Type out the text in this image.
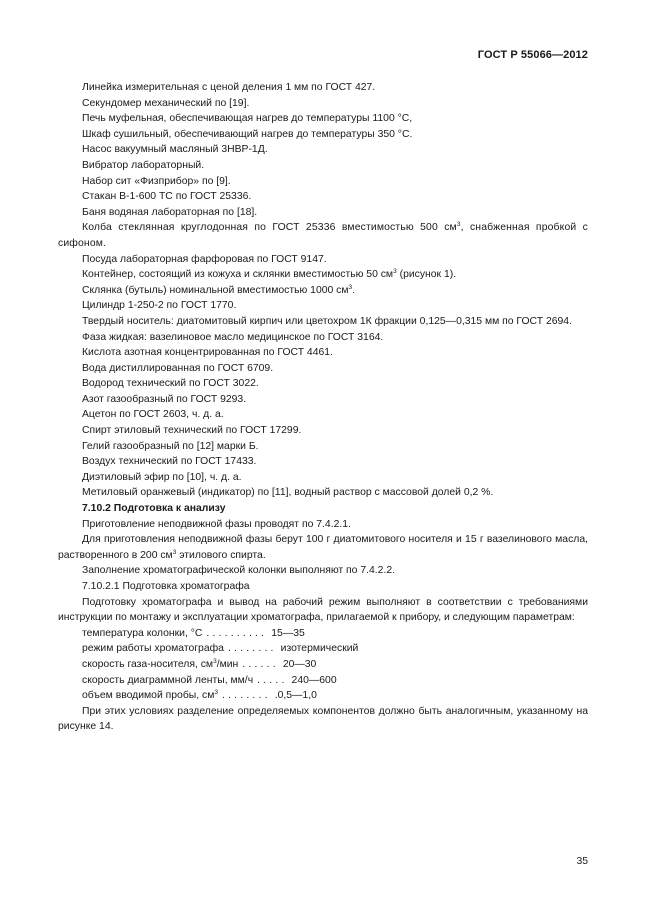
ГОСТ Р 55066—2012

Линейка измерительная с ценой деления 1 мм по ГОСТ 427.

Секундомер механический по [19].

Печь муфельная, обеспечивающая нагрев до температуры 1100 °С,

Шкаф сушильный, обеспечивающий нагрев до температуры 350 °С.

Насос вакуумный масляный 3НВР-1Д.

Вибратор лабораторный.

Набор сит «Физприбор» по [9].

Стакан В-1-600 ТС по ГОСТ 25336.

Баня водяная лабораторная по [18].

Колба стеклянная круглодонная по ГОСТ 25336 вместимостью 500 $см^3$, снабженная пробкой с сифоном.

Посуда лабораторная фарфоровая по ГОСТ 9147.

Контейнер, состоящий из кожуха и склянки вместимостью 50 $см^3$ (рисунок 1).

Склянка (бутыль) номинальной вместимостью 1000 $см^3$.

Цилиндр 1-250-2 по ГОСТ 1770.

Твердый носитель: диатомитовый кирпич или цветохром 1К фракции 0,125—0,315 мм по ГОСТ 2694.

Фаза жидкая: вазелиновое масло медицинское по ГОСТ 3164.

Кислота азотная концентрированная по ГОСТ 4461.

Вода дистиллированная по ГОСТ 6709.

Водород технический по ГОСТ 3022.

Азот газообразный по ГОСТ 9293.

Ацетон по ГОСТ 2603, ч. д. а.

Спирт этиловый технический по ГОСТ 17299.

Гелий газообразный по [12] марки Б.

Воздух технический по ГОСТ 17433.

Диэтиловый эфир по [10], ч. д. а.

Метиловый оранжевый (индикатор) по [11], водный раствор с массовой долей 0,2 %.

7.10.2 Подготовка к анализу

Приготовление неподвижной фазы проводят по 7.4.2.1.

Для приготовления неподвижной фазы берут 100 г диатомитового носителя и 15 г вазелинового масла, растворенного в 200 $см^3$ этилового спирта.

Заполнение хроматографической колонки выполняют по 7.4.2.2.

7.10.2.1 Подготовка хроматографа

Подготовку хроматографа и вывод на рабочий режим выполняют в соответствии с требованиями инструкции по монтажу и эксплуатации хроматографа, прилагаемой к прибору, и следующим параметрам:

температура колонки, °С .......... 15—35
режим работы хроматографа ........ изотермический
скорость газа-носителя, $см^3$/мин ...... 20—30
скорость диаграммной ленты, мм/ч ..... 240—600
объем вводимой пробы, $см^3$ ........ .0,5—1,0

При этих условиях разделение определяемых компонентов должно быть аналогичным, указанному на рисунке 14.

35
